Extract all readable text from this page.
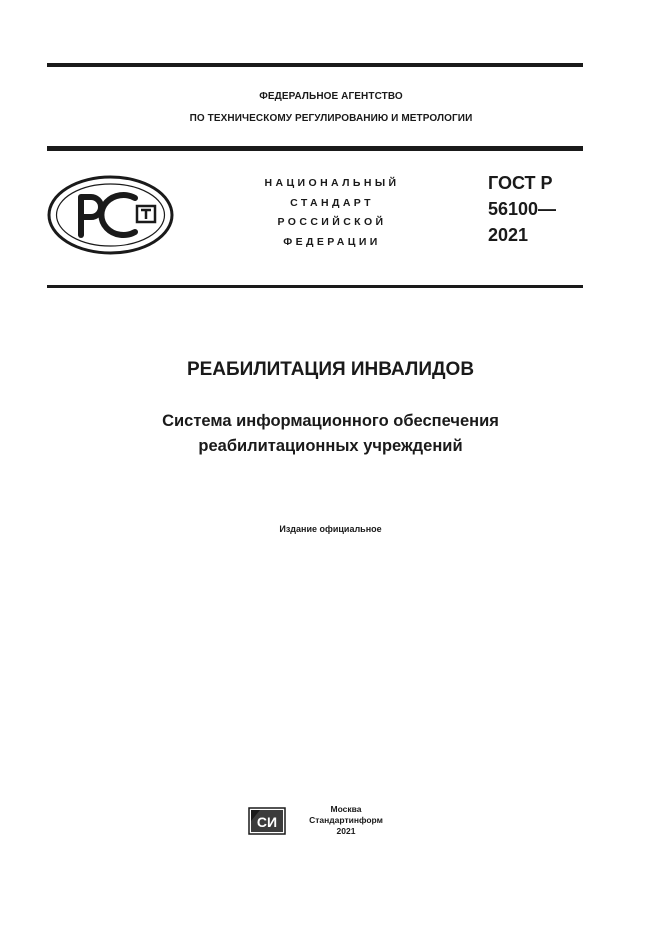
ФЕДЕРАЛЬНОЕ АГЕНТСТВО
ПО ТЕХНИЧЕСКОМУ РЕГУЛИРОВАНИЮ И МЕТРОЛОГИИ
НАЦИОНАЛЬНЫЙ
СТАНДАРТ
РОССИЙСКОЙ
ФЕДЕРАЦИИ
ГОСТ Р
56100—
2021
РЕАБИЛИТАЦИЯ ИНВАЛИДОВ
Система информационного обеспечения
реабилитационных учреждений
Издание официальное
СИ
Москва
Стандартинформ
2021
